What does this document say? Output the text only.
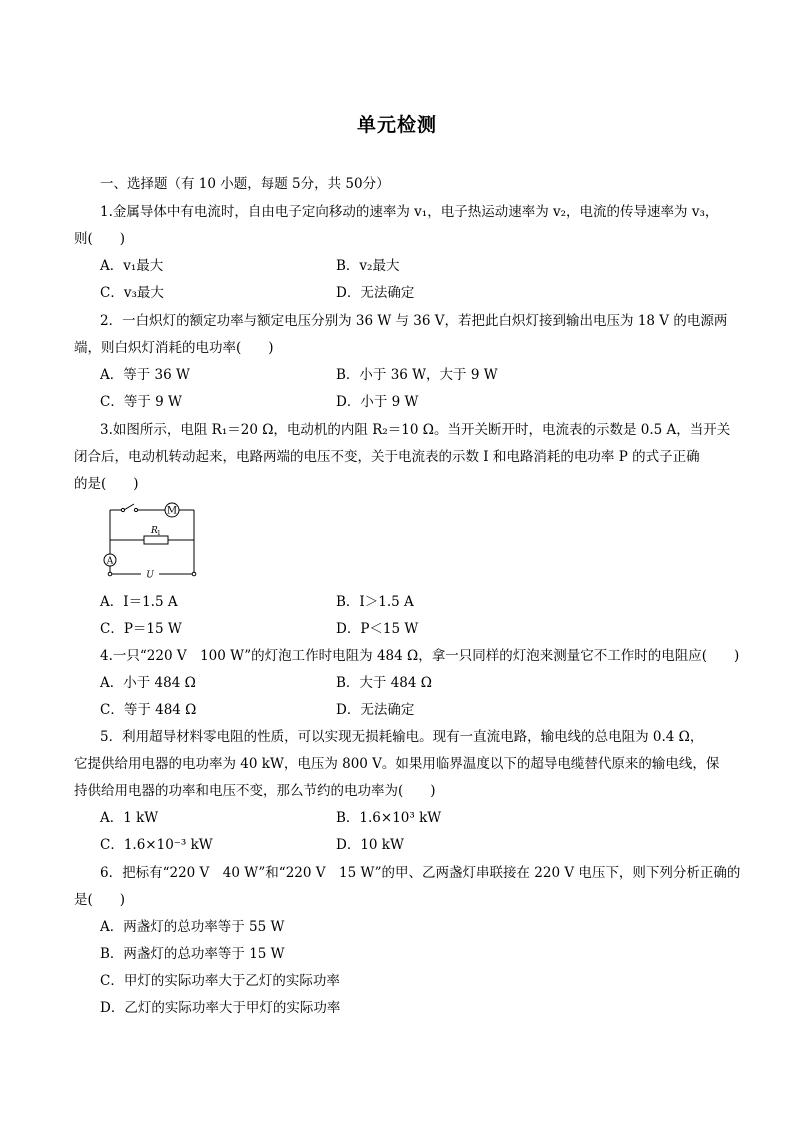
单元检测
一、选择题（有 10 小题，每题 5分，共 50分）
1.金属导体中有电流时，自由电子定向移动的速率为 v₁，电子热运动速率为 v₂，电流的传导速率为 v₃，
则(　　)
A．v₁最大	B．v₂最大
C．v₃最大	D．无法确定
2．一白炽灯的额定功率与额定电压分别为 36 W 与 36 V，若把此白炽灯接到输出电压为 18 V 的电源两
端，则白炽灯消耗的电功率(　　)
A．等于 36 W	B．小于 36 W，大于 9 W
C．等于 9 W	D．小于 9 W
3.如图所示，电阻 R₁＝20 Ω，电动机的内阻 R₂＝10 Ω。当开关断开时，电流表的示数是 0.5 A，当开关
闭合后，电动机转动起来，电路两端的电压不变，关于电流表的示数 I 和电路消耗的电功率 P 的式子正确
的是(　　)
M
R 1
A
U
A．I＝1.5 A	B．I＞1.5 A
C．P＝15 W	D．P＜15 W
4.一只“220 V　100 W”的灯泡工作时电阻为 484 Ω，拿一只同样的灯泡来测量它不工作时的电阻应(　　)
A．小于 484 Ω	B．大于 484 Ω
C．等于 484 Ω	D．无法确定
5．利用超导材料零电阻的性质，可以实现无损耗输电。现有一直流电路，输电线的总电阻为 0.4 Ω，
它提供给用电器的电功率为 40 kW，电压为 800 V。如果用临界温度以下的超导电缆替代原来的输电线，保
持供给用电器的功率和电压不变，那么节约的电功率为(　　)
A．1 kW	B．1.6×10³ kW
C．1.6×10⁻³ kW	D．10 kW
6．把标有“220 V　40 W”和“220 V　15 W”的甲、乙两盏灯串联接在 220 V 电压下，则下列分析正确的
是(　　)
A．两盏灯的总功率等于 55 W
B．两盏灯的总功率等于 15 W
C．甲灯的实际功率大于乙灯的实际功率
D．乙灯的实际功率大于甲灯的实际功率
